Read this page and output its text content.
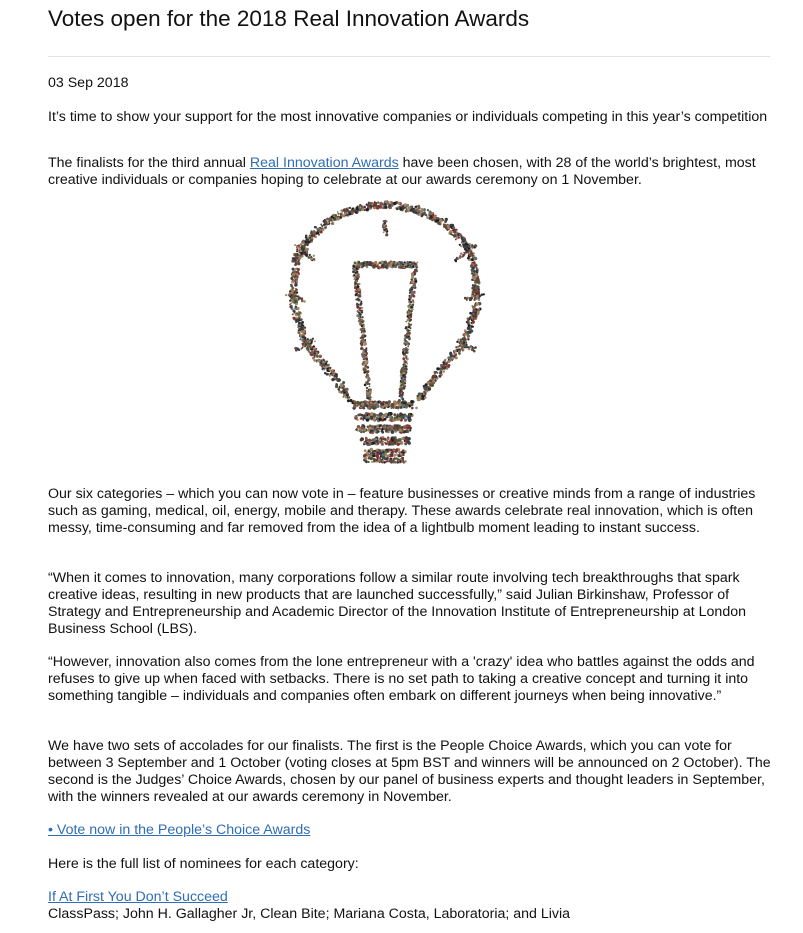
Votes open for the 2018 Real Innovation Awards
03 Sep 2018

It’s time to show your support for the most innovative companies or individuals competing in this year’s competition

The finalists for the third annual Real Innovation Awards have been chosen, with 28 of the world’s brightest, most creative individuals or companies hoping to celebrate at our awards ceremony on 1 November.

Our six categories – which you can now vote in – feature businesses or creative minds from a range of industries such as gaming, medical, oil, energy, mobile and therapy. These awards celebrate real innovation, which is often messy, time-consuming and far removed from the idea of a lightbulb moment leading to instant success.

“When it comes to innovation, many corporations follow a similar route involving tech breakthroughs that spark creative ideas, resulting in new products that are launched successfully,” said Julian Birkinshaw, Professor of Strategy and Entrepreneurship and Academic Director of the Innovation Institute of Entrepreneurship at London Business School (LBS).

“However, innovation also comes from the lone entrepreneur with a 'crazy' idea who battles against the odds and refuses to give up when faced with setbacks. There is no set path to taking a creative concept and turning it into something tangible – individuals and companies often embark on different journeys when being innovative.”

We have two sets of accolades for our finalists. The first is the People Choice Awards, which you can vote for between 3 September and 1 October (voting closes at 5pm BST and winners will be announced on 2 October). The second is the Judges’ Choice Awards, chosen by our panel of business experts and thought leaders in September, with the winners revealed at our awards ceremony in November.

• Vote now in the People’s Choice Awards

Here is the full list of nominees for each category:

If At First You Don’t Succeed

ClassPass; John H. Gallagher Jr, Clean Bite; Mariana Costa, Laboratoria; and Livia
